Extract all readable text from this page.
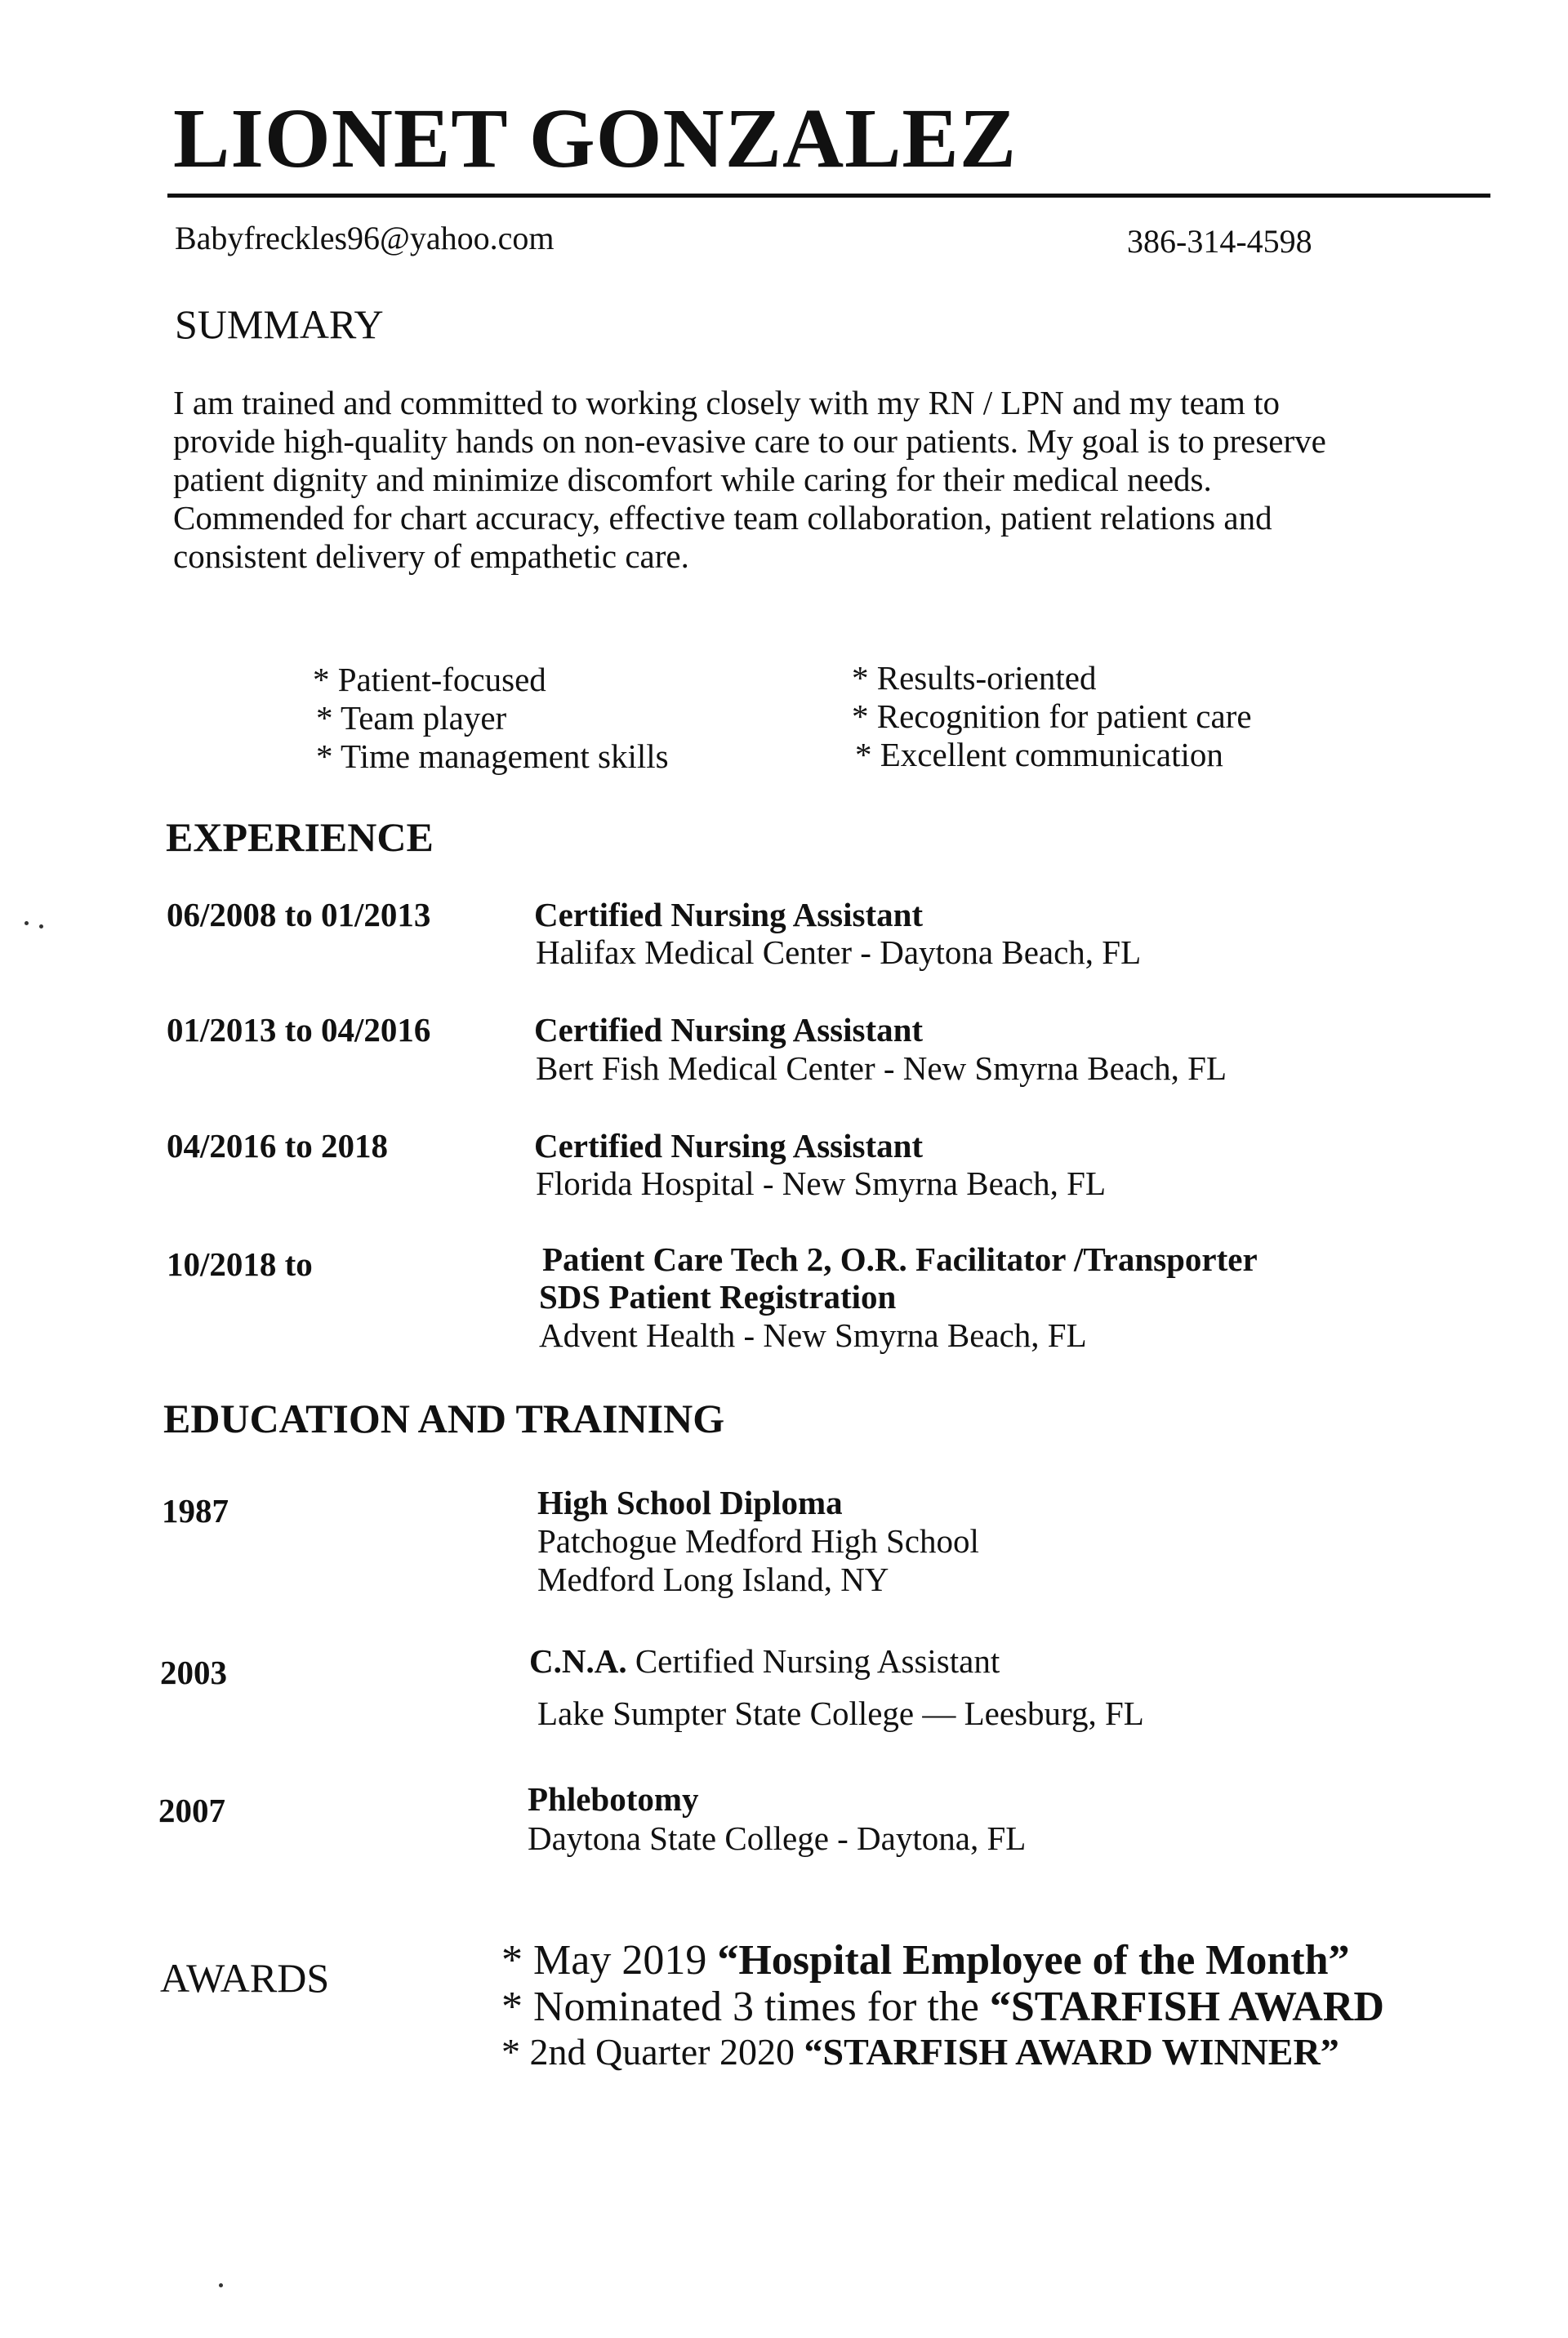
LIONET GONZALEZ
Babyfreckles96@yahoo.com	386-314-4598
SUMMARY
I am trained and committed to working closely with my RN / LPN and my team to
provide high-quality hands on non-evasive care to our patients. My goal is to preserve
patient dignity and minimize discomfort while caring for their medical needs.
Commended for chart accuracy, effective team collaboration, patient relations and
consistent delivery of empathetic care.
* Patient-focused
* Team player
* Time management skills
* Results-oriented
* Recognition for patient care
* Excellent communication
EXPERIENCE
06/2008 to 01/2013	Certified Nursing Assistant
Halifax Medical Center - Daytona Beach, FL
01/2013 to 04/2016	Certified Nursing Assistant
Bert Fish Medical Center - New Smyrna Beach, FL
04/2016 to 2018	Certified Nursing Assistant
Florida Hospital - New Smyrna Beach, FL
10/2018 to	Patient Care Tech 2, O.R. Facilitator /Transporter
SDS Patient Registration
Advent Health - New Smyrna Beach, FL
EDUCATION AND TRAINING
1987	High School Diploma
Patchogue Medford High School
Medford Long Island, NY
2003	C.N.A. Certified Nursing Assistant
Lake Sumpter State College — Leesburg, FL
2007	Phlebotomy
Daytona State College - Daytona, FL
AWARDS	* May 2019 “Hospital Employee of the Month”
* Nominated 3 times for the “STARFISH AWARD
* 2nd Quarter 2020 “STARFISH AWARD WINNER”
